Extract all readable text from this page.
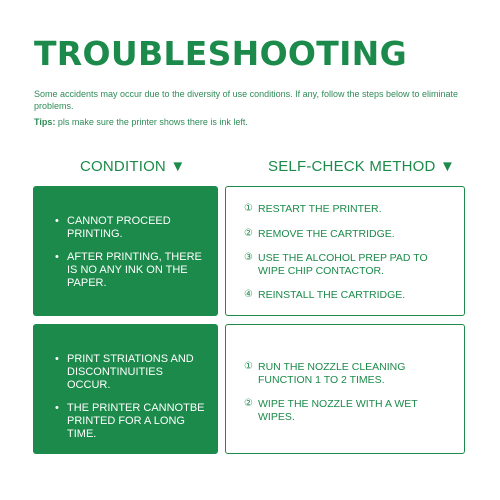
TROUBLESHOOTING
Some accidents may occur due to the diversity of use conditions. If any, follow the steps below to eliminate problems.
Tips: pls make sure the printer shows there is ink left.
CONDITION ▼	SELF-CHECK METHOD ▼
• CANNOT PROCEED PRINTING.
• AFTER PRINTING, THERE IS NO ANY INK ON THE PAPER.
① RESTART THE PRINTER.
② REMOVE THE CARTRIDGE.
③ USE THE ALCOHOL PREP PAD TO WIPE CHIP CONTACTOR.
④ REINSTALL THE CARTRIDGE.
• PRINT STRIATIONS AND DISCONTINUITIES OCCUR.
• THE PRINTER CANNOTBE PRINTED FOR A LONG TIME.
① RUN THE NOZZLE CLEANING FUNCTION 1 TO 2 TIMES.
② WIPE THE NOZZLE WITH A WET WIPES.
